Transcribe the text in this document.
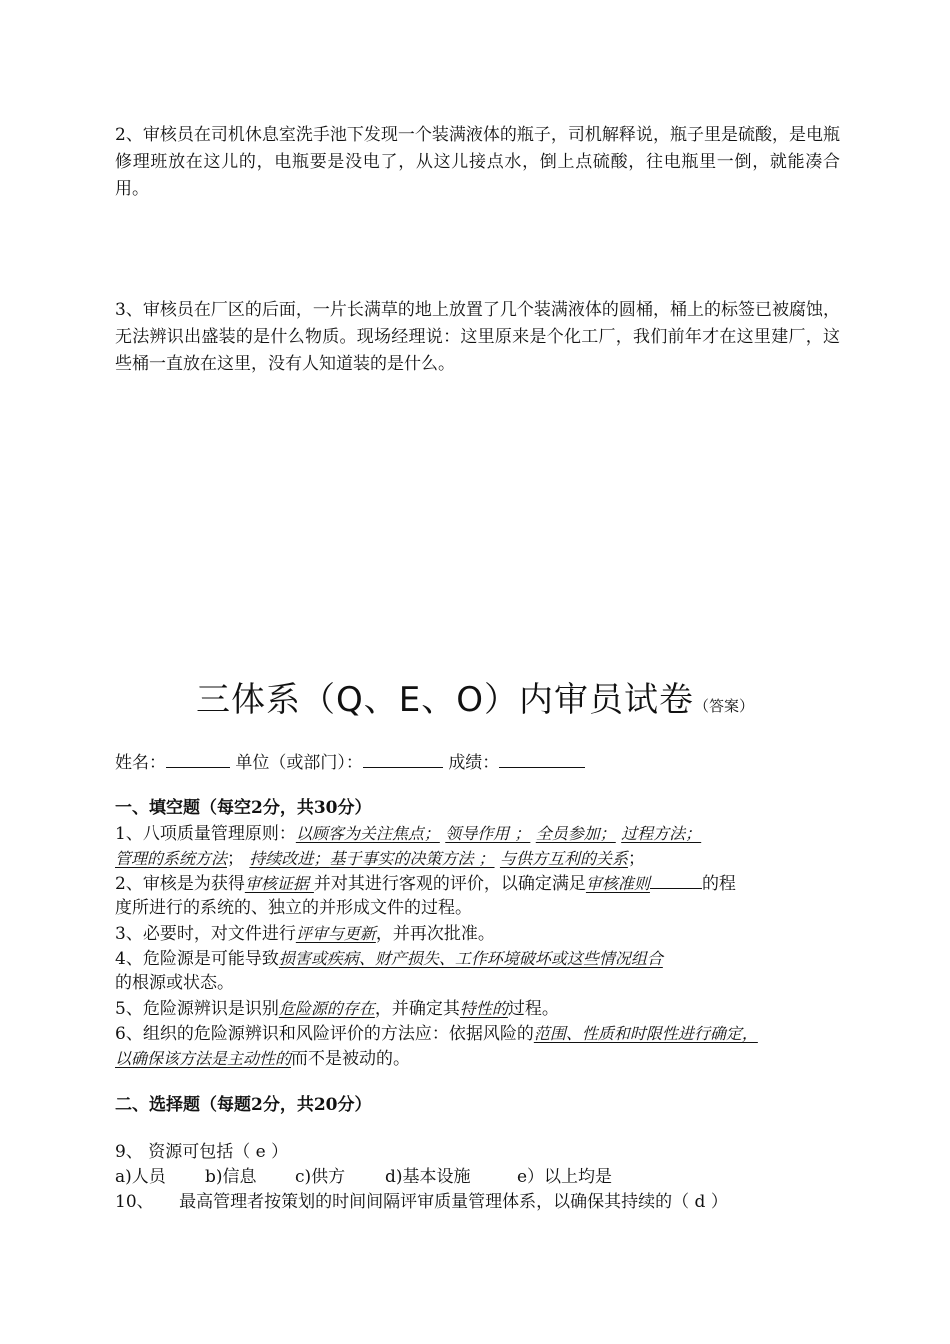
2、审核员在司机休息室洗手池下发现一个装满液体的瓶子，司机解释说，瓶子里是硫酸，是电瓶修理班放在这儿的，电瓶要是没电了，从这儿接点水，倒上点硫酸，往电瓶里一倒，就能凑合用。
3、审核员在厂区的后面，一片长满草的地上放置了几个装满液体的圆桶，桶上的标签已被腐蚀，无法辨识出盛装的是什么物质。现场经理说：这里原来是个化工厂，我们前年才在这里建厂，这些桶一直放在这里，没有人知道装的是什么。
三体系（Q、E、O）内审员试卷（答案）
姓名：	单位（或部门）：	成绩：
一、填空题（每空2分，共30分）
1、八项质量管理原则：以顾客为关注焦点； 领导作用 ； 全员参加； 过程方法；
管理的系统方法； 持续改进；基于事实的决策方法 ； 与供方互利的关系；
2、审核是为获得审核证据 并对其进行客观的评价，以确定满足审核准则	的程
度所进行的系统的、独立的并形成文件的过程。
3、必要时，对文件进行评审与更新，并再次批准。
4、危险源是可能导致损害或疾病、财产损失、工作环境破坏或这些情况组合
的根源或状态。
5、危险源辨识是识别危险源的存在，并确定其特性的过程。
6、组织的危险源辨识和风险评价的方法应：依据风险的范围、性质和时限性进行确定，
以确保该方法是主动性的而不是被动的。
二、选择题（每题2分，共20分）
9、 资源可包括（ e ）
a)人员 b)信息 c)供方 d)基本设施	e）以上均是
10、　　最高管理者按策划的时间间隔评审质量管理体系，以确保其持续的（ d ）
